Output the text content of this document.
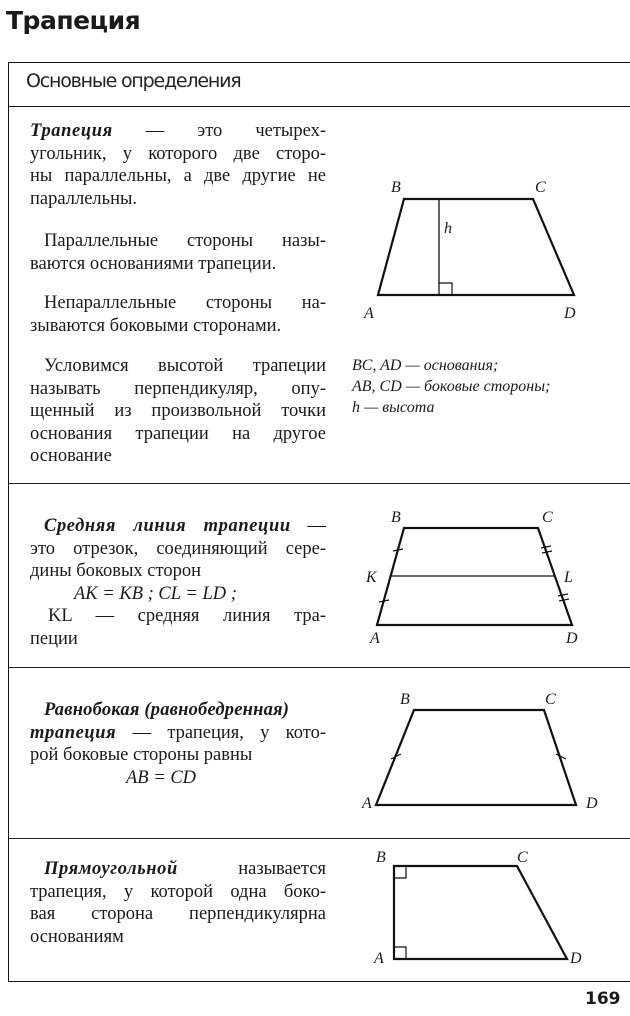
Трапеция
Основные определения

Трапеция — это четырех-

угольник, у которого две сторо-

ны параллельны, а две другие не

параллельны.

Параллельные стороны назы-

ваются основаниями трапеции.

Непараллельные стороны на-

зываются боковыми сторонами.

Условимся высотой трапеции

называть перпендикуляр, опу-

щенный из произвольной точки

основания трапеции на другое

основание

BC, AD — основания;
AB, CD — боковые стороны;
h — высота

Средняя линия трапеции —

это отрезок, соединяющий сере-

дины боковых сторон

AK = KB ; CL = LD ;

KL — средняя линия тра-

пеции

Равнобокая (равнобедренная)

трапеция — трапеция, у кото-

рой боковые стороны равны

AB = CD

Прямоугольной называется

трапеция, у которой одна боко-

вая сторона перпендикулярна

основаниям

B	C
A	D
h
B	C
K	L
A	D
B	C
A	D
B	C
A	D
169
